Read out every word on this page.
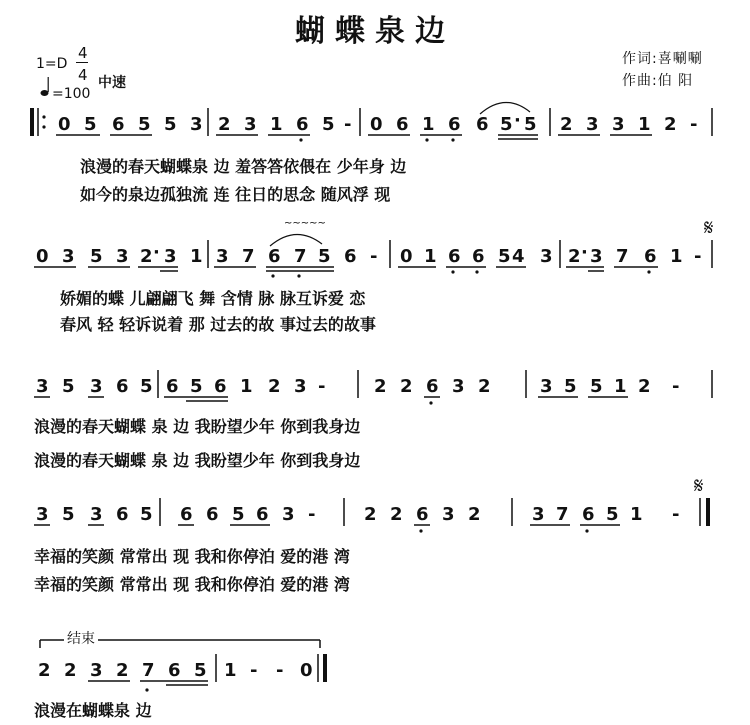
蝴蝶泉边
1=D
4
4
=100
中速
作词:喜唰唰
作曲:伯 阳
0 5 6 5 5 3 2 3 1 6 5 - 0 6 1 6 6 5 · 5 2 3 3 1 2 -
0 3 5 3 2 · 3 1 3 7 6 7 5 6 -
~~~~~
0 1 6 6 5 4 3 2 · 3 7 6 1 -
3 5 3 6 5 6 5 6 1 2 3 -	2 2 6 3 2	3 5 5 1 2 -
3 5 3 6 5 6 6 5 6 3 -	2 2 6 3 2	3 7 6 5 1 -
2 2 3 2 7 6 5 1 - - 0
𝄋
𝄋
结束
浪漫的春天蝴蝶泉 边 羞答答依偎在 少年身 边
如今的泉边孤独流 连 往日的思念 随风浮 现
娇媚的蝶 儿翩翩飞 舞 含情 脉 脉互诉爱 恋
春风 轻 轻诉说着 那 过去的故 事过去的故事
浪漫的春天蝴蝶 泉 边 我盼望少年 你到我身边
浪漫的春天蝴蝶 泉 边 我盼望少年 你到我身边
幸福的笑颜 常常出 现 我和你停泊 爱的港 湾
幸福的笑颜 常常出 现 我和你停泊 爱的港 湾
浪漫在蝴蝶泉 边
